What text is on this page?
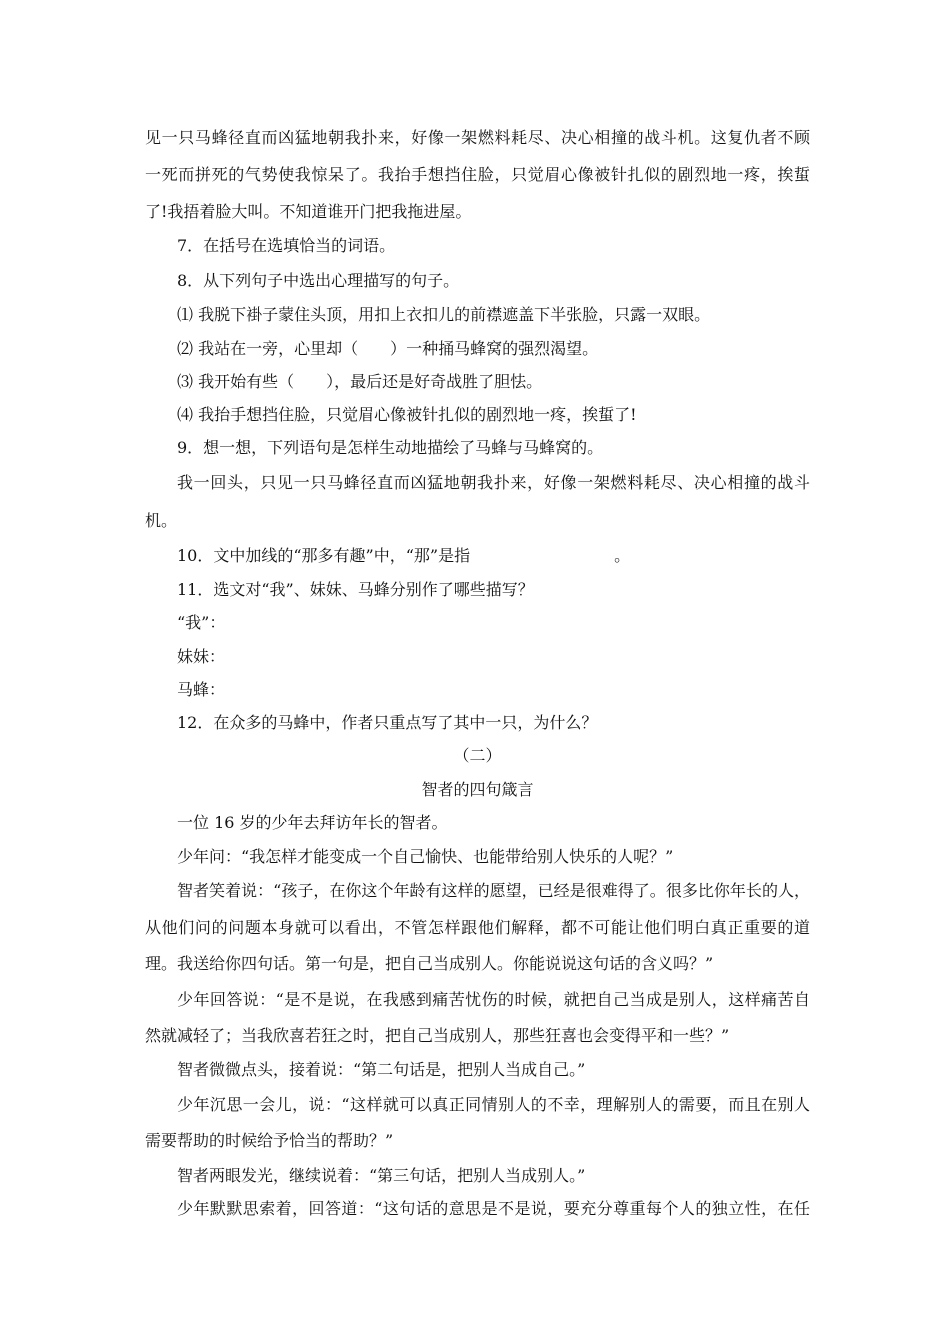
见一只马蜂径直而凶猛地朝我扑来，好像一架燃料耗尽、决心相撞的战斗机。这复仇者不顾

一死而拼死的气势使我惊呆了。我抬手想挡住脸，只觉眉心像被针扎似的剧烈地一疼，挨蜇

了!我捂着脸大叫。不知道谁开门把我拖进屋。

7．在括号在选填恰当的词语。

8．从下列句子中选出心理描写的句子。

⑴ 我脱下褂子蒙住头顶，用扣上衣扣儿的前襟遮盖下半张脸，只露一双眼。

⑵ 我站在一旁，心里却（　　）一种捅马蜂窝的强烈渴望。

⑶ 我开始有些（　　），最后还是好奇战胜了胆怯。

⑷ 我抬手想挡住脸，只觉眉心像被针扎似的剧烈地一疼，挨蜇了!

9．想一想，下列语句是怎样生动地描绘了马蜂与马蜂窝的。

我一回头，只见一只马蜂径直而凶猛地朝我扑来，好像一架燃料耗尽、决心相撞的战斗

机。

10．文中加线的“那多有趣”中，“那”是指　　　　　　　　　。

11．选文对“我”、妹妹、马蜂分别作了哪些描写？

“我”：

妹妹：

马蜂：

12．在众多的马蜂中，作者只重点写了其中一只，为什么？

（二）

智者的四句箴言

一位 16 岁的少年去拜访年长的智者。

少年问：“我怎样才能变成一个自己愉快、也能带给别人快乐的人呢？”

智者笑着说：“孩子，在你这个年龄有这样的愿望，已经是很难得了。很多比你年长的人，

从他们问的问题本身就可以看出，不管怎样跟他们解释，都不可能让他们明白真正重要的道

理。我送给你四句话。第一句是，把自己当成别人。你能说说这句话的含义吗？”

少年回答说：“是不是说，在我感到痛苦忧伤的时候，就把自己当成是别人，这样痛苦自

然就减轻了；当我欣喜若狂之时，把自己当成别人，那些狂喜也会变得平和一些？”

智者微微点头，接着说：“第二句话是，把别人当成自己。”

少年沉思一会儿，说：“这样就可以真正同情别人的不幸，理解别人的需要，而且在别人

需要帮助的时候给予恰当的帮助？”

智者两眼发光，继续说着：“第三句话，把别人当成别人。”

少年默默思索着，回答道：“这句话的意思是不是说，要充分尊重每个人的独立性，在任
